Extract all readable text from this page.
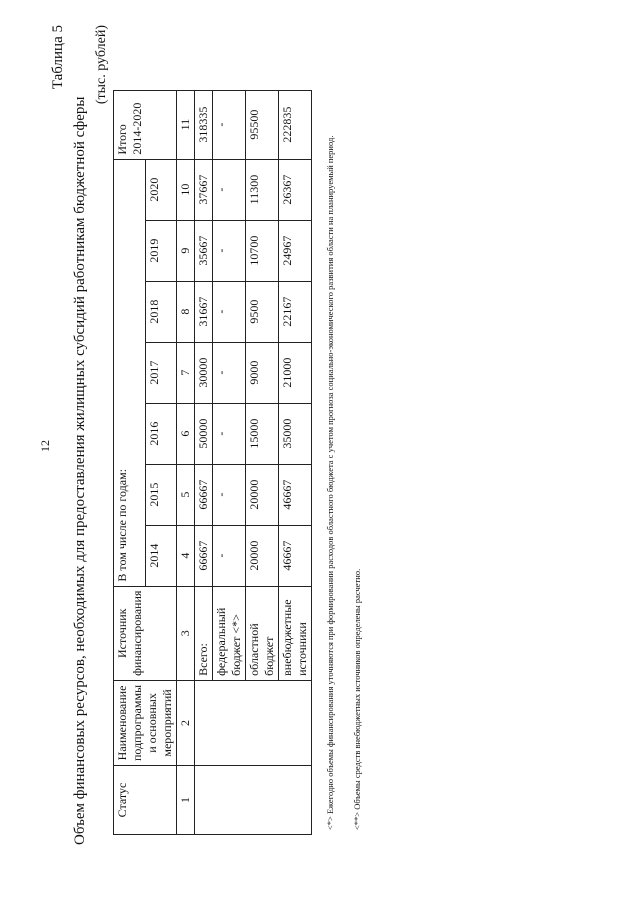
12
Таблица 5
Объем финансовых ресурсов, необходимых для предоставления жилищных субсидий работникам бюджетной сферы
(тыс. рублей)
Статус	Наименование подпрограммы и основных мероприятий	Источник финансирования	В том числе по годам:							Итого 2014-2020
			2014	2015	2016	2017	2018	2019	2020	
1	2	3	4	5	6	7	8	9	10	11
		Всего:	66667	66667	50000	30000	31667	35667	37667	318335
		федеральный бюджет <*>	-	-	-	-	-	-	-	-
		областной бюджет	20000	20000	15000	9000	9500	10700	11300	95500
		внебюджетные источники	46667	46667	35000	21000	22167	24967	26367	222835
<*> Ежегодно объемы финансирования уточняются при формировании расходов областного бюджета с учетом прогноза социально-экономического развития области на планируемый период. <**> Объемы средств внебюджетных источников определены расчетно.
